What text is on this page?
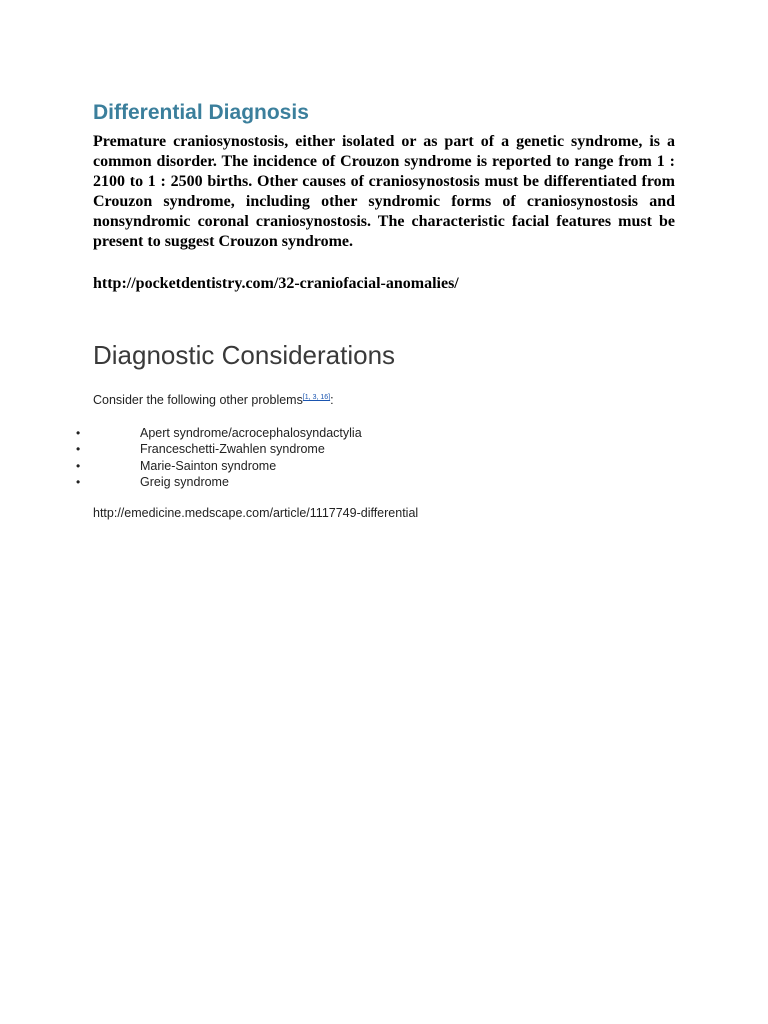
Differential Diagnosis

Premature craniosynostosis, either isolated or as part of a genetic syndrome, is a common disorder. The incidence of Crouzon syndrome is reported to range from 1 : 2100 to 1 : 2500 births. Other causes of craniosynostosis must be differentiated from Crouzon syndrome, including other syndromic forms of craniosynostosis and nonsyndromic coronal craniosynostosis. The characteristic facial features must be present to suggest Crouzon syndrome.

http://pocketdentistry.com/32-craniofacial-anomalies/

Diagnostic Considerations

Consider the following other problems[1, 3, 16]:

•	Apert syndrome/acrocephalosyndactylia
•	Franceschetti-Zwahlen syndrome
•	Marie-Sainton syndrome
•	Greig syndrome

http://emedicine.medscape.com/article/1117749-differential
